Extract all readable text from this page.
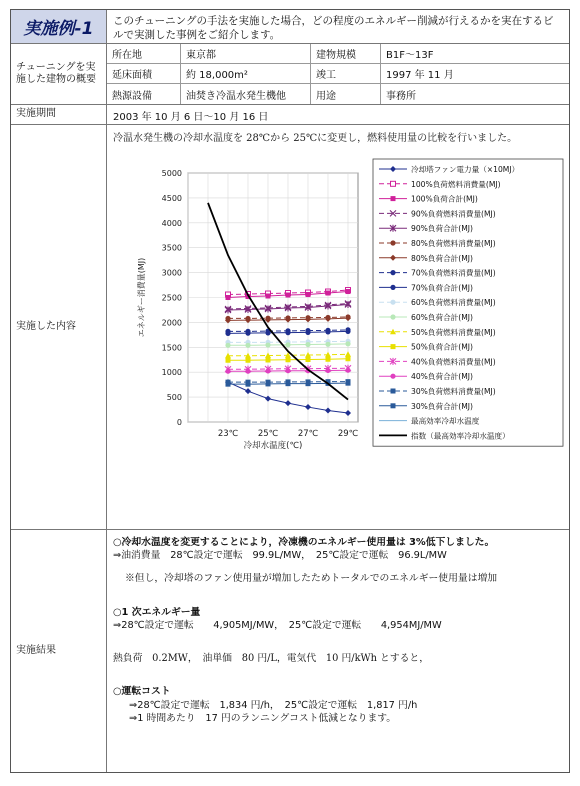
実施例-1	このチューニングの手法を実施した場合，どの程度のエネルギー削減が行えるかを実在するビルで実測した事例をご紹介します。
チューニングを実施した建物の概要
所在地	東京都	建物規模	B1F～13F
延床面積	約 18,000m²	竣工	1997 年 11 月
熱源設備	油焚き冷温水発生機他	用途	事務所
実施期間	2003 年 10 月 6 日～10 月 16 日
実施した内容
冷温水発生機の冷却水温度を 28℃から 25℃に変更し，燃料使用量の比較を行いました。
0
500
1000
1500
2000
2500
3000
3500
4000
4500
5000
23℃ 25℃ 27℃ 29℃
冷却水温度(℃)
エネルギー消費量(MJ)
冷却塔ファン電力量（×10MJ）
100%負荷燃料消費量(MJ)
100%負荷合計(MJ)
90%負荷燃料消費量(MJ)
90%負荷合計(MJ)
80%負荷燃料消費量(MJ)
80%負荷合計(MJ)
70%負荷燃料消費量(MJ)
70%負荷合計(MJ)
60%負荷燃料消費量(MJ)
60%負荷合計(MJ)
50%負荷燃料消費量(MJ)
50%負荷合計(MJ)
40%負荷燃料消費量(MJ)
40%負荷合計(MJ)
30%負荷燃料消費量(MJ)
30%負荷合計(MJ)
最高効率冷却水温度
指数（最高効率冷却水温度）
実施結果

○冷却水温度を変更することにより，冷凍機のエネルギー使用量は 3%低下しました。

⇒油消費量　28℃設定で運転　99.9L/MW，　25℃設定で運転　96.9L/MW

※但し，冷却塔のファン使用量が増加したためトータルでのエネルギー使用量は増加

○1 次エネルギー量

⇒28℃設定で運転　　4,905MJ/MW，　25℃設定で運転　　4,954MJ/MW

熱負荷　0.2MW，　油単価　80 円/L，電気代　10 円/kWh とすると，

○運転コスト

⇒28℃設定で運転　1,834 円/h，　25℃設定で運転　1,817 円/h

⇒1 時間あたり　17 円のランニングコスト低減となります。
